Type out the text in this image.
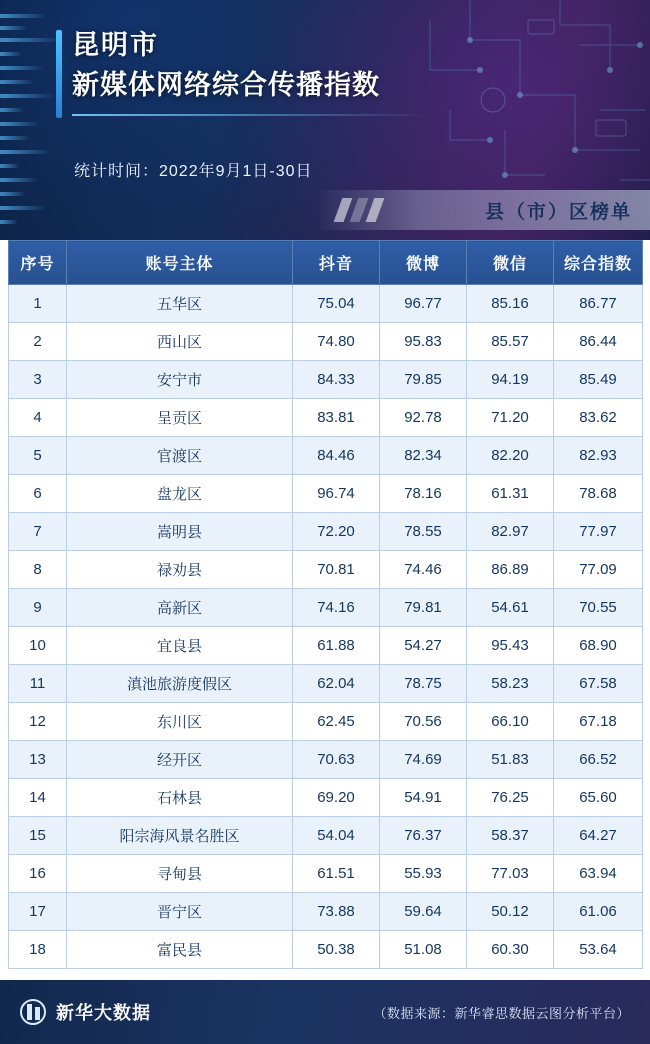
昆明市
新媒体网络综合传播指数
统计时间：2022年9月1日-30日
县（市）区榜单
序号	账号主体	抖音	微博	微信	综合指数
1	五华区	75.04	96.77	85.16	86.77
2	西山区	74.80	95.83	85.57	86.44
3	安宁市	84.33	79.85	94.19	85.49
4	呈贡区	83.81	92.78	71.20	83.62
5	官渡区	84.46	82.34	82.20	82.93
6	盘龙区	96.74	78.16	61.31	78.68
7	嵩明县	72.20	78.55	82.97	77.97
8	禄劝县	70.81	74.46	86.89	77.09
9	高新区	74.16	79.81	54.61	70.55
10	宜良县	61.88	54.27	95.43	68.90
11	滇池旅游度假区	62.04	78.75	58.23	67.58
12	东川区	62.45	70.56	66.10	67.18
13	经开区	70.63	74.69	51.83	66.52
14	石林县	69.20	54.91	76.25	65.60
15	阳宗海风景名胜区	54.04	76.37	58.37	64.27
16	寻甸县	61.51	55.93	77.03	63.94
17	晋宁区	73.88	59.64	50.12	61.06
18	富民县	50.38	51.08	60.30	53.64
新华大数据	（数据来源：新华睿思数据云图分析平台）
